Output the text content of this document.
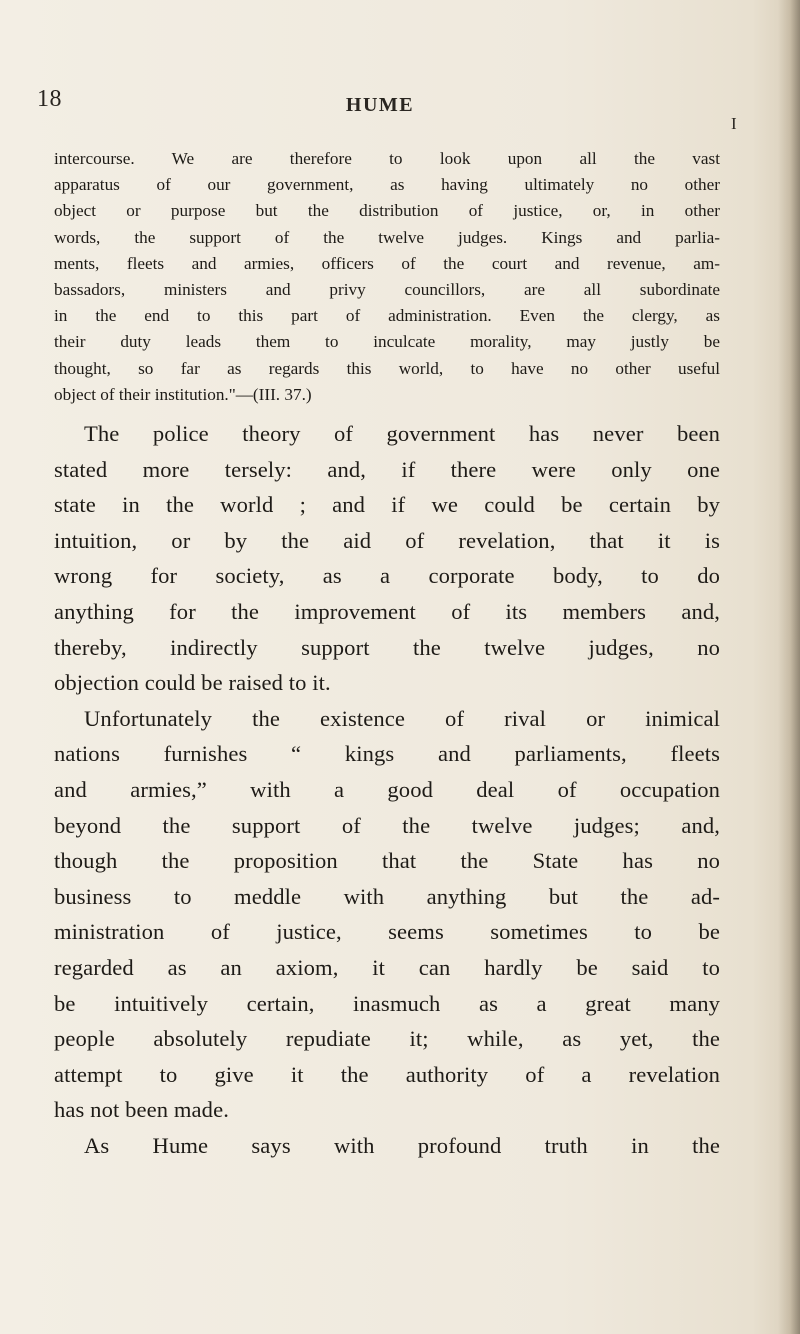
18	HUME
I
intercourse. We are therefore to look upon all the vast
apparatus of our government, as having ultimately no other
object or purpose but the distribution of justice, or, in other
words, the support of the twelve judges. Kings and parlia-
ments, fleets and armies, officers of the court and revenue, am-
bassadors, ministers and privy councillors, are all subordinate
in the end to this part of administration. Even the clergy, as
their duty leads them to inculcate morality, may justly be
thought, so far as regards this world, to have no other useful
object of their institution."—(III. 37.)
The police theory of government has never been
stated more tersely: and, if there were only one
state in the world ; and if we could be certain by
intuition, or by the aid of revelation, that it is
wrong for society, as a corporate body, to do
anything for the improvement of its members and,
thereby, indirectly support the twelve judges, no
objection could be raised to it.
Unfortunately the existence of rival or inimical
nations furnishes “ kings and parliaments, fleets
and armies,” with a good deal of occupation
beyond the support of the twelve judges; and,
though the proposition that the State has no
business to meddle with anything but the ad-
ministration of justice, seems sometimes to be
regarded as an axiom, it can hardly be said to
be intuitively certain, inasmuch as a great many
people absolutely repudiate it; while, as yet, the
attempt to give it the authority of a revelation
has not been made.
As Hume says with profound truth in the
